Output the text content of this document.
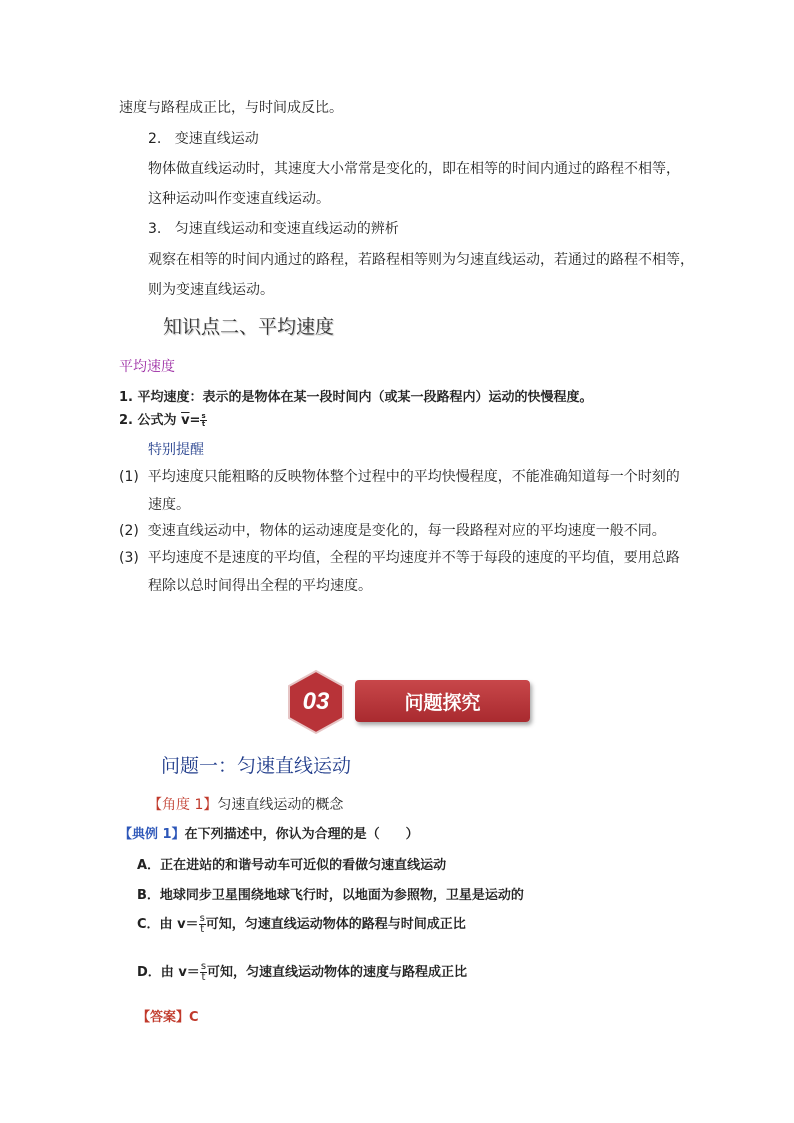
速度与路程成正比，与时间成反比。
2. 变速直线运动
物体做直线运动时，其速度大小常常是变化的，即在相等的时间内通过的路程不相等，
这种运动叫作变速直线运动。
3. 匀速直线运动和变速直线运动的辨析
观察在相等的时间内通过的路程，若路程相等则为匀速直线运动，若通过的路程不相等，
则为变速直线运动。
知识点二、平均速度
平均速度
1. 平均速度：表示的是物体在某一段时间内（或某一段路程内）运动的快慢程度。
2. 公式为 $\overline{v}= \frac{s}{t}$
特别提醒
(1) 平均速度只能粗略的反映物体整个过程中的平均快慢程度，不能准确知道每一个时刻的
速度。
(2) 变速直线运动中，物体的运动速度是变化的，每一段路程对应的平均速度一般不同。
(3) 平均速度不是速度的平均值，全程的平均速度并不等于每段的速度的平均值，要用总路
程除以总时间得出全程的平均速度。
03	问题探究
问题一：匀速直线运动
【角度 1】匀速直线运动的概念
【典例 1】在下列描述中，你认为合理的是（　　）
A．正在进站的和谐号动车可近似的看做匀速直线运动
B．地球同步卫星围绕地球飞行时，以地面为参照物，卫星是运动的
C．由 $v= \frac{s}{t}$ 可知，匀速直线运动物体的路程与时间成正比
D．由 $v= \frac{s}{t}$ 可知，匀速直线运动物体的速度与路程成正比
【答案】C
